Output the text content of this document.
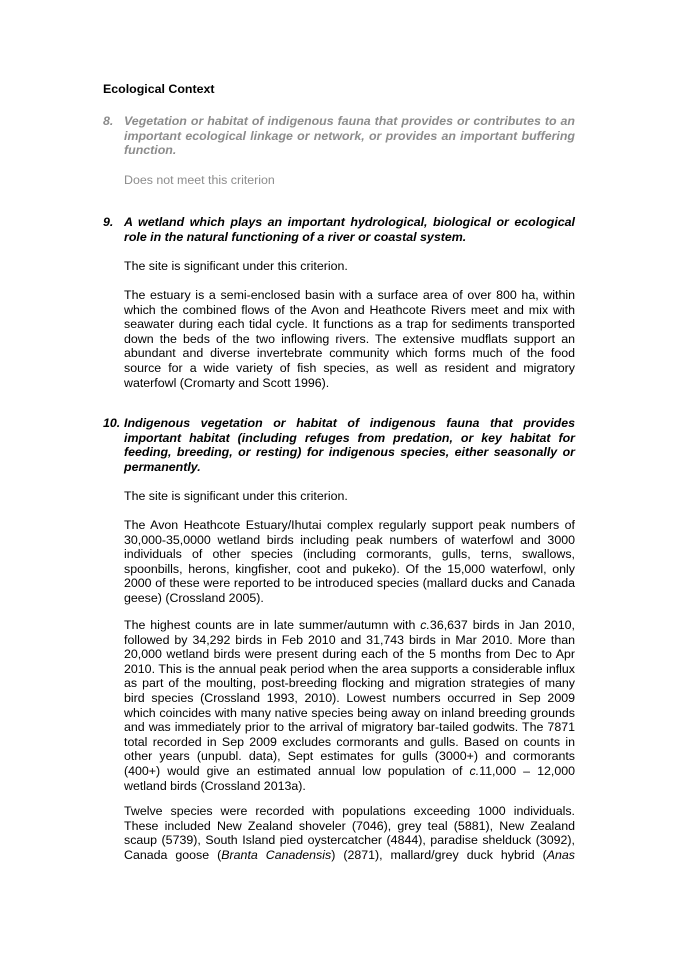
Ecological Context
8. Vegetation or habitat of indigenous fauna that provides or contributes to an important ecological linkage or network, or provides an important buffering function.
Does not meet this criterion
9. A wetland which plays an important hydrological, biological or ecological role in the natural functioning of a river or coastal system.
The site is significant under this criterion.
The estuary is a semi-enclosed basin with a surface area of over 800 ha, within which the combined flows of the Avon and Heathcote Rivers meet and mix with seawater during each tidal cycle. It functions as a trap for sediments transported down the beds of the two inflowing rivers. The extensive mudflats support an abundant and diverse invertebrate community which forms much of the food source for a wide variety of fish species, as well as resident and migratory waterfowl (Cromarty and Scott 1996).
10. Indigenous vegetation or habitat of indigenous fauna that provides important habitat (including refuges from predation, or key habitat for feeding, breeding, or resting) for indigenous species, either seasonally or permanently.
The site is significant under this criterion.
The Avon Heathcote Estuary/Ihutai complex regularly support peak numbers of 30,000-35,0000 wetland birds including peak numbers of waterfowl and 3000 individuals of other species (including cormorants, gulls, terns, swallows, spoonbills, herons, kingfisher, coot and pukeko). Of the 15,000 waterfowl, only 2000 of these were reported to be introduced species (mallard ducks and Canada geese) (Crossland 2005).
The highest counts are in late summer/autumn with c.36,637 birds in Jan 2010, followed by 34,292 birds in Feb 2010 and 31,743 birds in Mar 2010. More than 20,000 wetland birds were present during each of the 5 months from Dec to Apr 2010. This is the annual peak period when the area supports a considerable influx as part of the moulting, post-breeding flocking and migration strategies of many bird species (Crossland 1993, 2010). Lowest numbers occurred in Sep 2009 which coincides with many native species being away on inland breeding grounds and was immediately prior to the arrival of migratory bar-tailed godwits. The 7871 total recorded in Sep 2009 excludes cormorants and gulls. Based on counts in other years (unpubl. data), Sept estimates for gulls (3000+) and cormorants (400+) would give an estimated annual low population of c.11,000 – 12,000 wetland birds (Crossland 2013a).
Twelve species were recorded with populations exceeding 1000 individuals. These included New Zealand shoveler (7046), grey teal (5881), New Zealand scaup (5739), South Island pied oystercatcher (4844), paradise shelduck (3092), Canada goose (Branta Canadensis) (2871), mallard/grey duck hybrid (Anas
